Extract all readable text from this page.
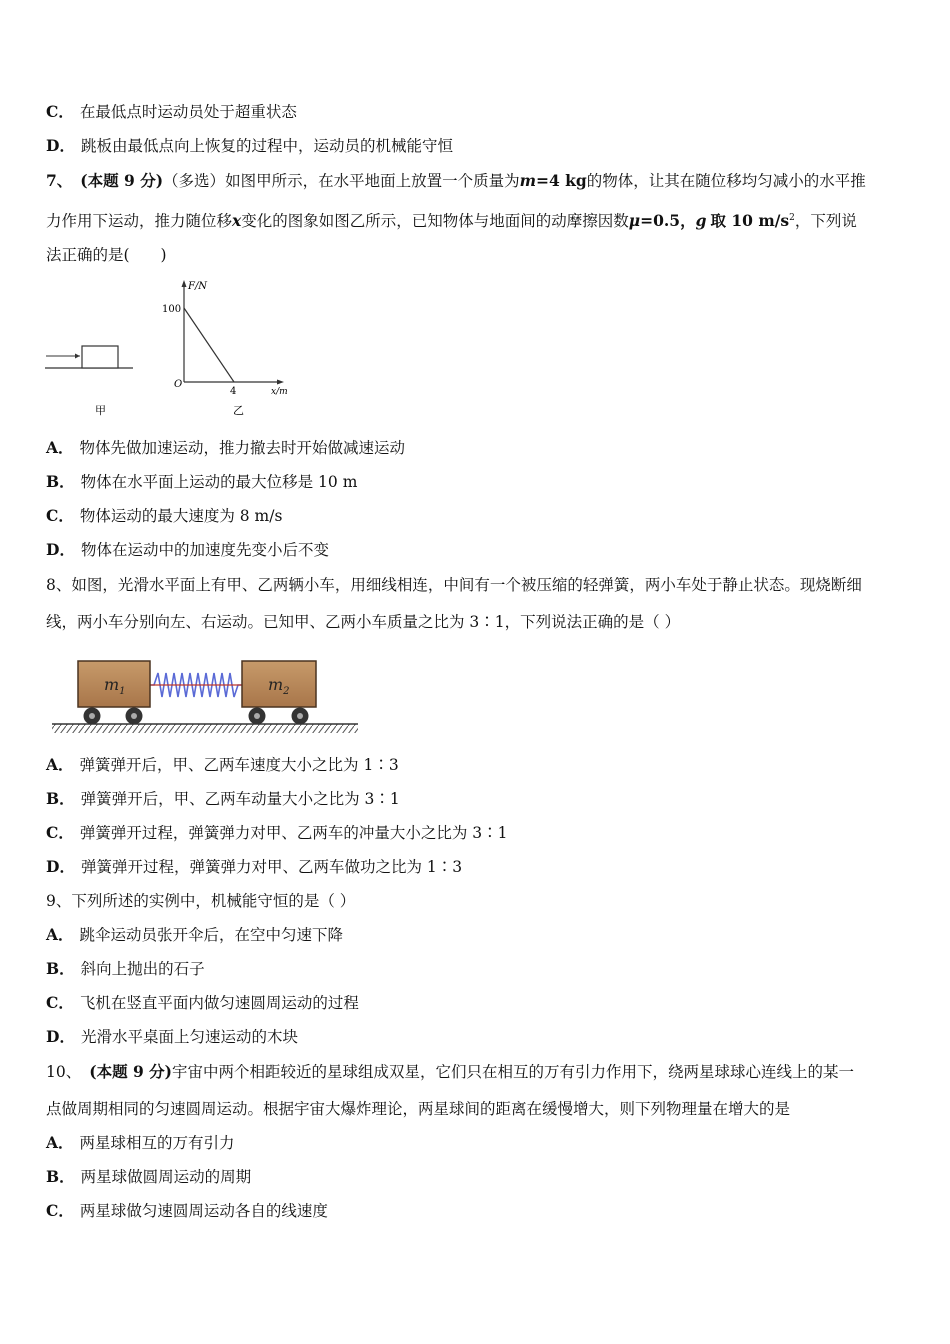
C． 在最低点时运动员处于超重状态
D． 跳板由最低点向上恢复的过程中，运动员的机械能守恒
7、 (本题 9 分)（多选）如图甲所示，在水平地面上放置一个质量为m=4 kg的物体，让其在随位移均匀减小的水平推
力作用下运动，推力随位移x变化的图象如图乙所示，已知物体与地面间的动摩擦因数μ=0.5，g 取 10 $m/s^2$，下列说
法正确的是(　　)
甲
F/N
100
O
4	x/m
乙
A． 物体先做加速运动，推力撤去时开始做减速运动
B． 物体在水平面上运动的最大位移是 10 m
C． 物体运动的最大速度为 8 m/s
D． 物体在运动中的加速度先变小后不变
8、如图，光滑水平面上有甲、乙两辆小车，用细线相连，中间有一个被压缩的轻弹簧，两小车处于静止状态。现烧断细
线，两小车分别向左、右运动。已知甲、乙两小车质量之比为 3∶1，下列说法正确的是（ ）
$m_1$	$m_2$
A． 弹簧弹开后，甲、乙两车速度大小之比为 1∶3
B． 弹簧弹开后，甲、乙两车动量大小之比为 3∶1
C． 弹簧弹开过程，弹簧弹力对甲、乙两车的冲量大小之比为 3∶1
D． 弹簧弹开过程，弹簧弹力对甲、乙两车做功之比为 1∶3
9、下列所述的实例中，机械能守恒的是（ ）
A． 跳伞运动员张开伞后，在空中匀速下降
B． 斜向上抛出的石子
C． 飞机在竖直平面内做匀速圆周运动的过程
D． 光滑水平桌面上匀速运动的木块
10、 (本题 9 分)宇宙中两个相距较近的星球组成双星，它们只在相互的万有引力作用下，绕两星球球心连线上的某一
点做周期相同的匀速圆周运动。根据宇宙大爆炸理论，两星球间的距离在缓慢增大，则下列物理量在增大的是
A． 两星球相互的万有引力
B． 两星球做圆周运动的周期
C． 两星球做匀速圆周运动各自的线速度
